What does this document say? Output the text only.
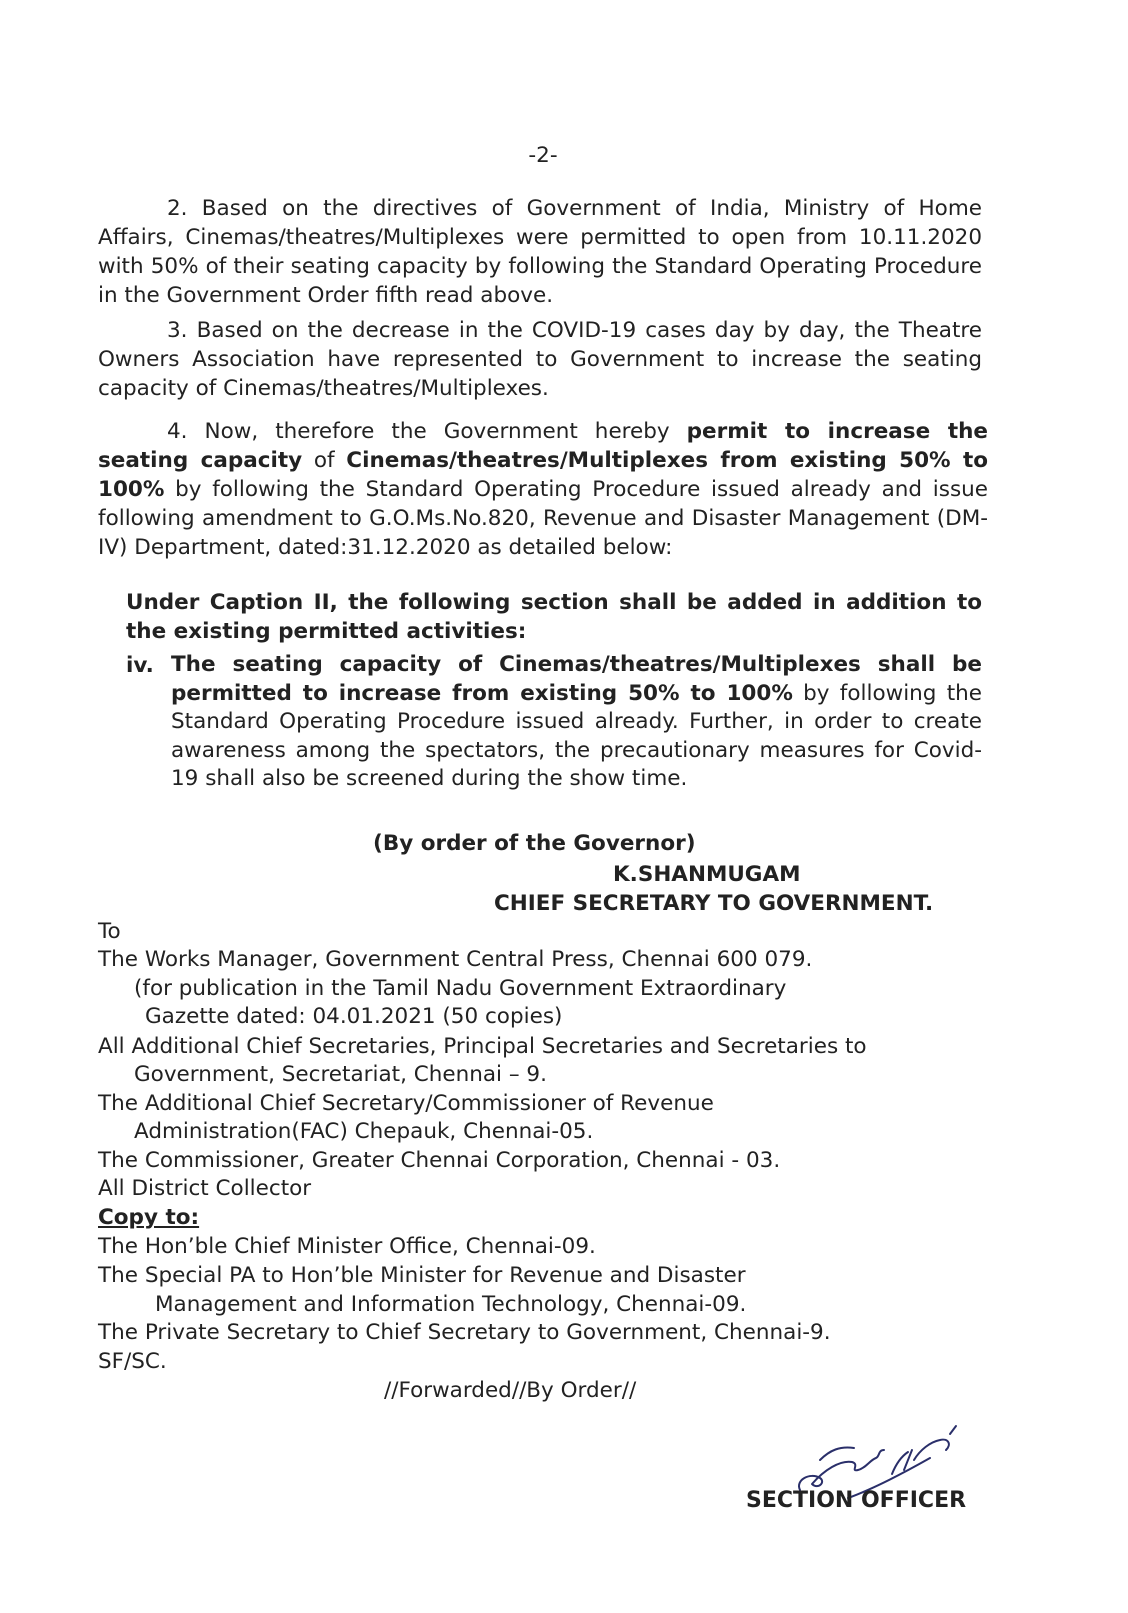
-2-
2. Based on the directives of Government of India, Ministry of Home Affairs, Cinemas/theatres/Multiplexes were permitted to open from 10.11.2020 with 50% of their seating capacity by following the Standard Operating Procedure in the Government Order fifth read above.
3. Based on the decrease in the COVID-19 cases day by day, the Theatre Owners Association have represented to Government to increase the seating capacity of Cinemas/theatres/Multiplexes.
4. Now, therefore the Government hereby permit to increase the seating capacity of Cinemas/theatres/Multiplexes from existing 50% to 100% by following the Standard Operating Procedure issued already and issue following amendment to G.O.Ms.No.820, Revenue and Disaster Management (DM-IV) Department, dated:31.12.2020 as detailed below:
Under Caption II, the following section shall be added in addition to the existing permitted activities:
iv. The seating capacity of Cinemas/theatres/Multiplexes shall be permitted to increase from existing 50% to 100% by following the Standard Operating Procedure issued already. Further, in order to create awareness among the spectators, the precautionary measures for Covid-19 shall also be screened during the show time.
(By order of the Governor)
K.SHANMUGAM
CHIEF SECRETARY TO GOVERNMENT.
To
The Works Manager, Government Central Press, Chennai 600 079.
(for publication in the Tamil Nadu Government Extraordinary
Gazette dated: 04.01.2021 (50 copies)
All Additional Chief Secretaries, Principal Secretaries and Secretaries to
Government, Secretariat, Chennai – 9.
The Additional Chief Secretary/Commissioner of Revenue
Administration(FAC) Chepauk, Chennai-05.
The Commissioner, Greater Chennai Corporation, Chennai - 03.
All District Collector
Copy to:
The Hon’ble Chief Minister Office, Chennai-09.
The Special PA to Hon’ble Minister for Revenue and Disaster
Management and Information Technology, Chennai-09.
The Private Secretary to Chief Secretary to Government, Chennai-9.
SF/SC.
//Forwarded//By Order//
SECTION OFFICER
